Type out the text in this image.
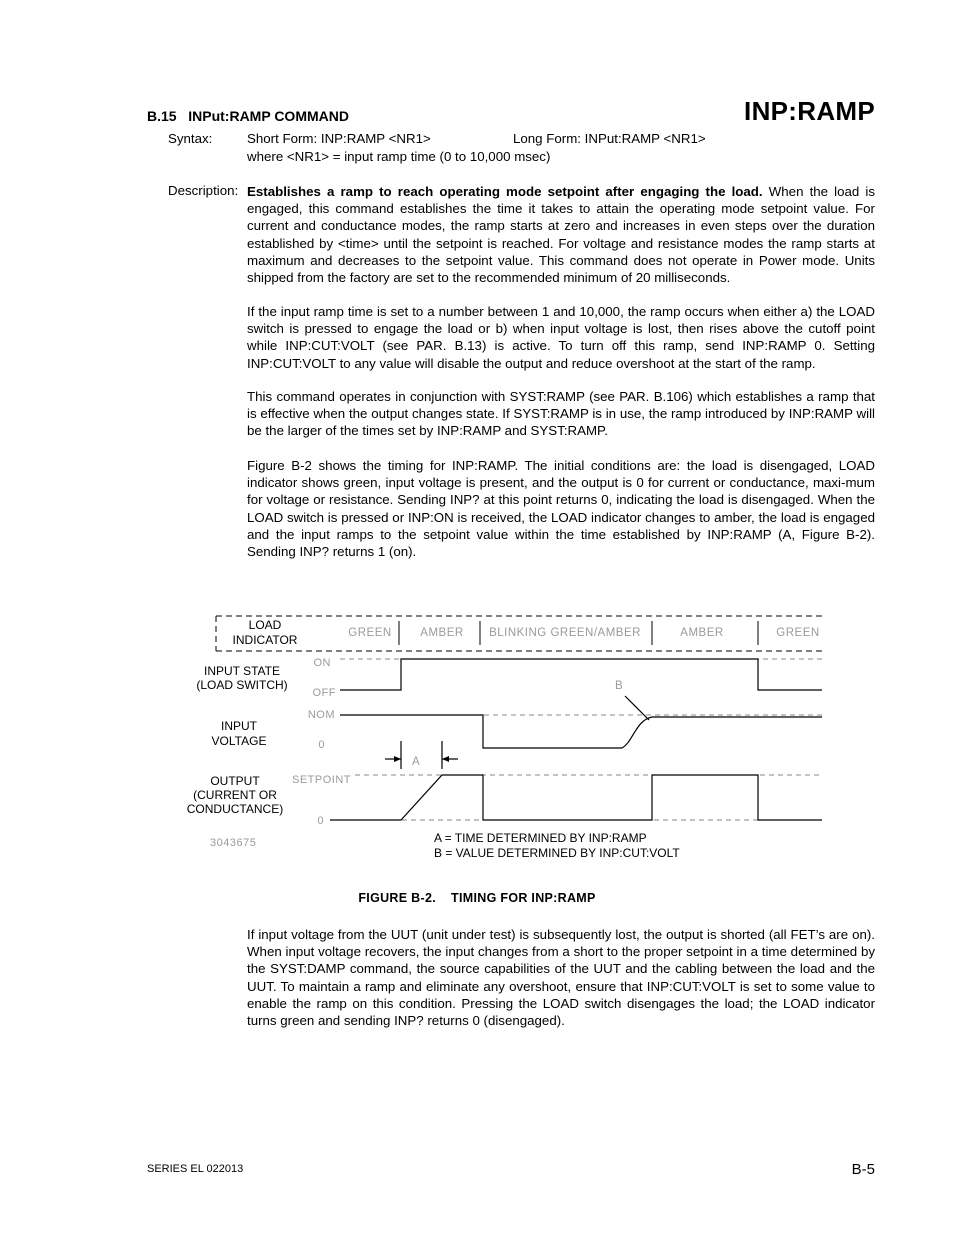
B.15 INPut:RAMP COMMAND	INP:RAMP
Syntax:	Short Form: INP:RAMP <NR1>	Long Form: INPut:RAMP <NR1>
where <NR1> = input ramp time (0 to 10,000 msec)
Description: Establishes a ramp to reach operating mode setpoint after engaging the load. When the load is engaged, this command establishes the time it takes to attain the operating mode setpoint value. For current and conductance modes, the ramp starts at zero and increases in even steps over the duration established by <time> until the setpoint is reached. For voltage and resistance modes the ramp starts at maximum and decreases to the setpoint value. This command does not operate in Power mode. Units shipped from the factory are set to the recommended minimum of 20 milliseconds.
If the input ramp time is set to a number between 1 and 10,000, the ramp occurs when either a) the LOAD switch is pressed to engage the load or b) when input voltage is lost, then rises above the cutoff point while INP:CUT:VOLT (see PAR. B.13) is active. To turn off this ramp, send INP:RAMP 0. Setting INP:CUT:VOLT to any value will disable the output and reduce overshoot at the start of the ramp.
This command operates in conjunction with SYST:RAMP (see PAR. B.106) which establishes a ramp that is effective when the output changes state. If SYST:RAMP is in use, the ramp introduced by INP:RAMP will be the larger of the times set by INP:RAMP and SYST:RAMP.
Figure B-2 shows the timing for INP:RAMP. The initial conditions are: the load is disengaged, LOAD indicator shows green, input voltage is present, and the output is 0 for current or conductance, maxi-mum for voltage or resistance. Sending INP? at this point returns 0, indicating the load is disengaged. When the LOAD switch is pressed or INP:ON is received, the LOAD indicator changes to amber, the load is engaged and the input ramps to the setpoint value within the time established by INP:RAMP (A, Figure B-2). Sending INP? returns 1 (on).
LOAD
INDICATOR
INPUT STATE
(LOAD SWITCH)
INPUT
VOLTAGE
OUTPUT
(CURRENT OR
CONDUCTANCE)
GREEN AMBER BLINKING GREEN/AMBER	AMBER	GREEN
ON
OFF
NOM
0
SETPOINT
0
A
B
3043675	A = TIME DETERMINED BY INP:RAMP
B = VALUE DETERMINED BY INP:CUT:VOLT
FIGURE B-2.    TIMING FOR INP:RAMP
If input voltage from the UUT (unit under test) is subsequently lost, the output is shorted (all FET’s are on). When input voltage recovers, the input changes from a short to the proper setpoint in a time determined by the SYST:DAMP command, the source capabilities of the UUT and the cabling between the load and the UUT. To maintain a ramp and eliminate any overshoot, ensure that INP:CUT:VOLT is set to some value to enable the ramp on this condition. Pressing the LOAD switch disengages the load; the LOAD indicator turns green and sending INP? returns 0 (disengaged).
SERIES EL 022013	B-5
